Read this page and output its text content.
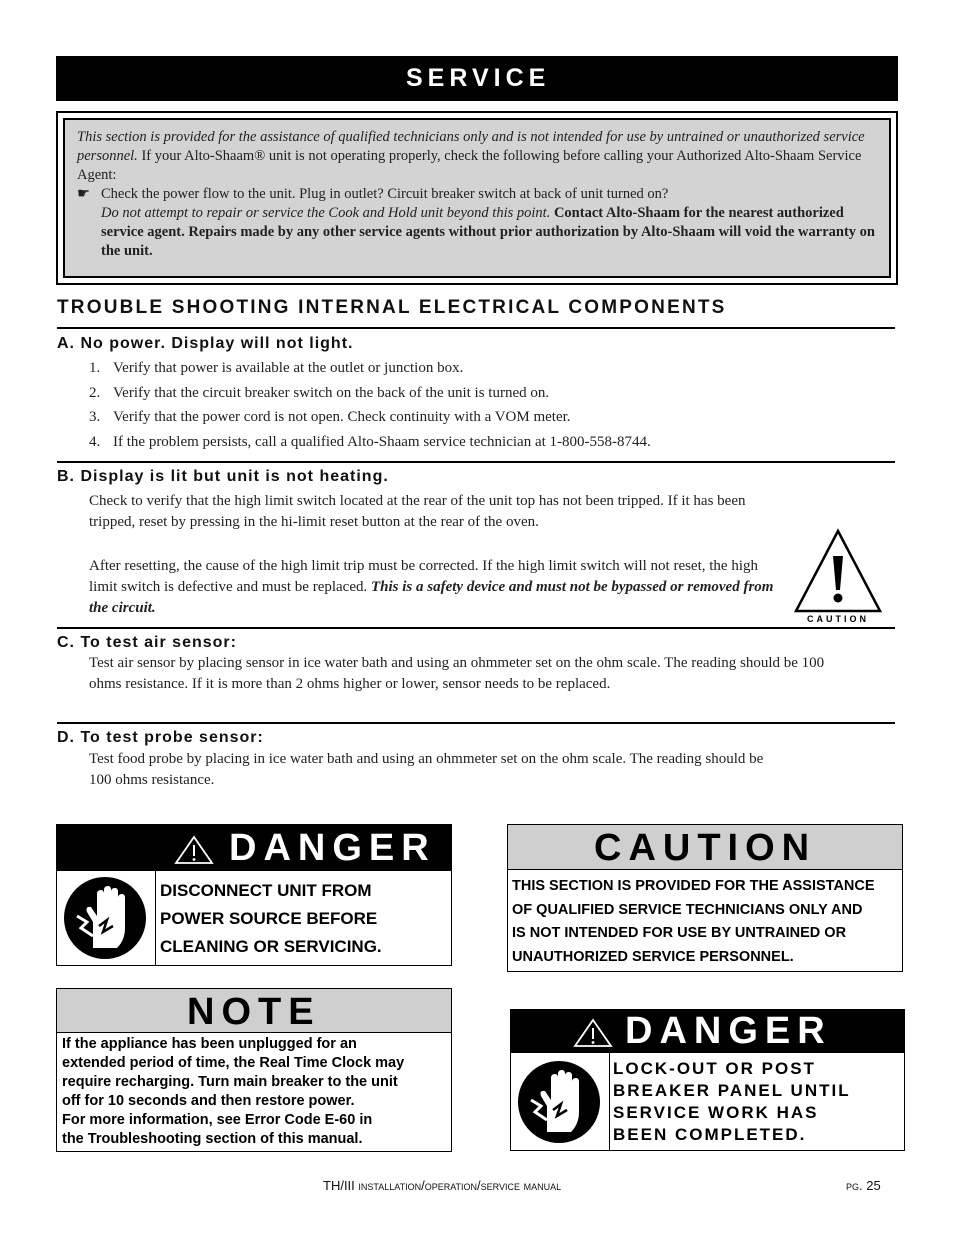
SERVICE
This section is provided for the assistance of qualified technicians only and is not intended for use by untrained or unauthorized service personnel. If your Alto-Shaam® unit is not operating properly, check the following before calling your Authorized Alto-Shaam Service Agent:
☛ Check the power flow to the unit. Plug in outlet? Circuit breaker switch at back of unit turned on?
Do not attempt to repair or service the Cook and Hold unit beyond this point. Contact Alto-Shaam for the nearest authorized service agent. Repairs made by any other service agents without prior authorization by Alto-Shaam will void the warranty on the unit.
TROUBLE SHOOTING INTERNAL ELECTRICAL COMPONENTS
A. No power. Display will not light.
1. Verify that power is available at the outlet or junction box.
2. Verify that the circuit breaker switch on the back of the unit is turned on.
3. Verify that the power cord is not open. Check continuity with a VOM meter.
4. If the problem persists, call a qualified Alto-Shaam service technician at 1-800-558-8744.
B. Display is lit but unit is not heating.
Check to verify that the high limit switch located at the rear of the unit top has not been tripped. If it has been tripped, reset by pressing in the hi-limit reset button at the rear of the oven.
After resetting, the cause of the high limit trip must be corrected. If the high limit switch will not reset, the high limit switch is defective and must be replaced. This is a safety device and must not be bypassed or removed from the circuit.
CAUTION
C. To test air sensor:
Test air sensor by placing sensor in ice water bath and using an ohmmeter set on the ohm scale. The reading should be 100 ohms resistance. If it is more than 2 ohms higher or lower, sensor needs to be replaced.
D. To test probe sensor:
Test food probe by placing in ice water bath and using an ohmmeter set on the ohm scale. The reading should be 100 ohms resistance.
DANGER
DISCONNECT UNIT FROM
POWER SOURCE BEFORE
CLEANING OR SERVICING.
CAUTION
THIS SECTION IS PROVIDED FOR THE ASSISTANCE
OF QUALIFIED SERVICE TECHNICIANS ONLY AND
IS NOT INTENDED FOR USE BY UNTRAINED OR
UNAUTHORIZED SERVICE PERSONNEL.
NOTE
If the appliance has been unplugged for an
extended period of time, the Real Time Clock may
require recharging. Turn main breaker to the unit
off for 10 seconds and then restore power.
For more information, see Error Code E-60 in
the Troubleshooting section of this manual.
DANGER
LOCK-OUT OR POST
BREAKER PANEL UNTIL
SERVICE WORK HAS
BEEN COMPLETED.
TH/III installation/operation/service manual	pg. 25
